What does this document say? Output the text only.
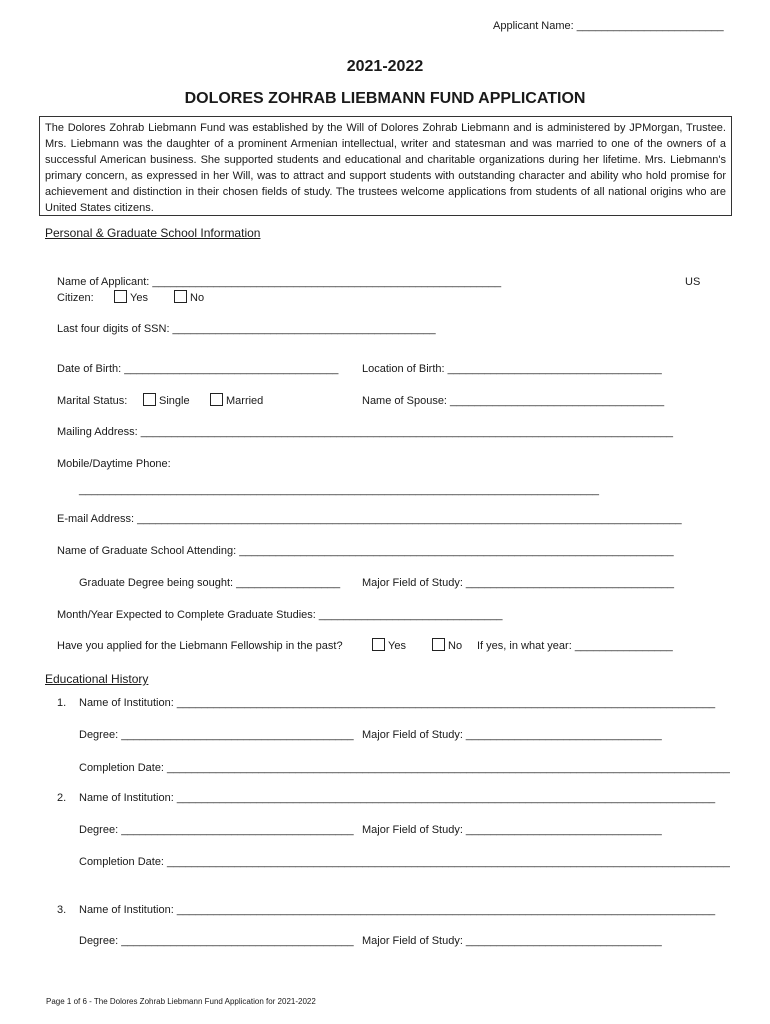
Applicant Name: ________________________
2021-2022
DOLORES ZOHRAB LIEBMANN FUND APPLICATION
The Dolores Zohrab Liebmann Fund was established by the Will of Dolores Zohrab Liebmann and is administered by JPMorgan, Trustee. Mrs. Liebmann was the daughter of a prominent Armenian intellectual, writer and statesman and was married to one of the owners of a successful American business. She supported students and educational and charitable organizations during her lifetime. Mrs. Liebmann's primary concern, as expressed in her Will, was to attract and support students with outstanding character and ability who hold promise for achievement and distinction in their chosen fields of study. The trustees welcome applications from students of all national origins who are United States citizens.
Personal & Graduate School Information
Name of Applicant: _________________________________________________________	US
Citizen:	Yes	No
Last four digits of SSN: ___________________________________________
Date of Birth: ___________________________________ Location of Birth: ___________________________________
Marital Status:	Single	Married	Name of Spouse: ___________________________________
Mailing Address: _______________________________________________________________________________________
Mobile/Daytime Phone:
_____________________________________________________________________________________
E-mail Address: _________________________________________________________________________________________
Name of Graduate School Attending: _______________________________________________________________________
Graduate Degree being sought: _________________ Major Field of Study: __________________________________
Month/Year Expected to Complete Graduate Studies: ______________________________
Have you applied for the Liebmann Fellowship in the past?	Yes	No If yes, in what year: ________________
Educational History
1. Name of Institution: ________________________________________________________________________________________
Degree: ______________________________________ Major Field of Study: ________________________________
Completion Date: ____________________________________________________________________________________________
2. Name of Institution: ________________________________________________________________________________________
Degree: ______________________________________ Major Field of Study: ________________________________
Completion Date: ____________________________________________________________________________________________
3. Name of Institution: ________________________________________________________________________________________
Degree: ______________________________________ Major Field of Study: ________________________________
Page 1 of 6 - The Dolores Zohrab Liebmann Fund Application for 2021-2022
